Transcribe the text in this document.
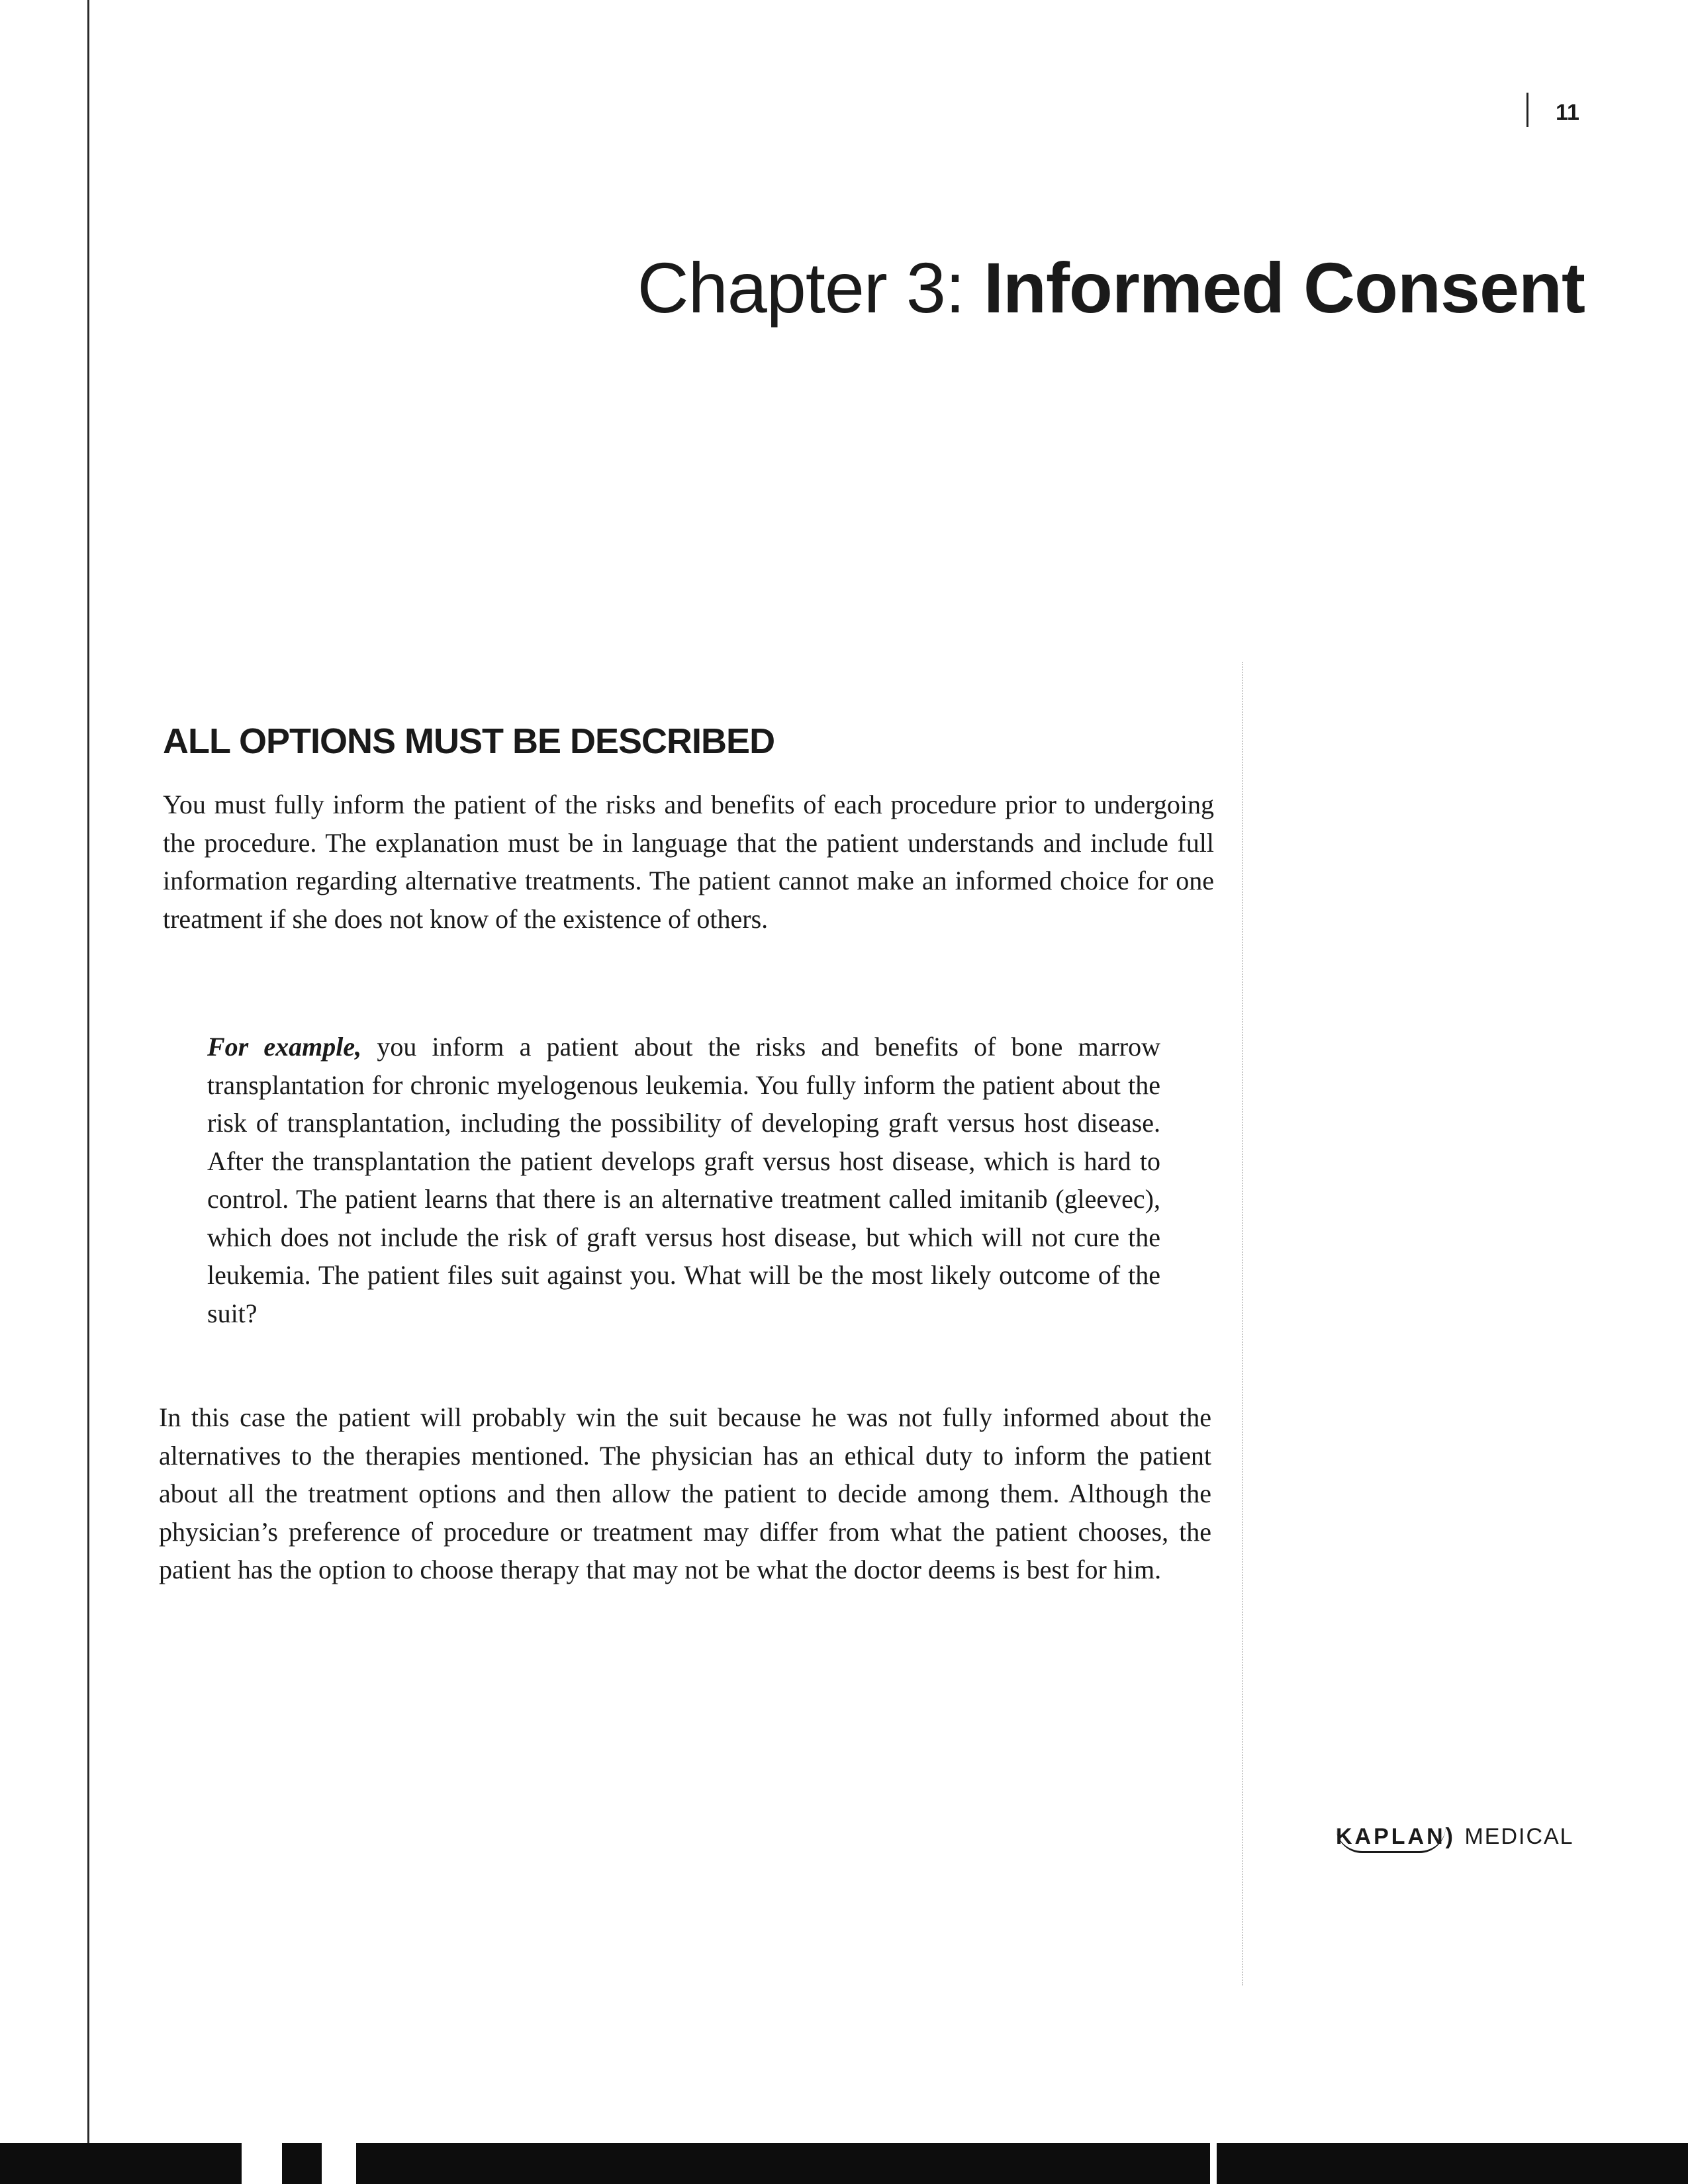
11
Chapter 3: Informed Consent
ALL OPTIONS MUST BE DESCRIBED

You must fully inform the patient of the risks and benefits of each procedure prior to undergoing the procedure. The explanation must be in language that the patient understands and include full information regarding alternative treatments. The patient cannot make an informed choice for one treatment if she does not know of the existence of others.

For example, you inform a patient about the risks and benefits of bone marrow transplantation for chronic myelogenous leukemia. You fully inform the patient about the risk of transplantation, including the possibility of developing graft versus host disease. After the transplantation the patient develops graft versus host disease, which is hard to control. The patient learns that there is an alternative treatment called imitanib (gleevec), which does not include the risk of graft versus host disease, but which will not cure the leukemia. The patient files suit against you. What will be the most likely outcome of the suit?

In this case the patient will probably win the suit because he was not fully informed about the alternatives to the therapies mentioned. The physician has an ethical duty to inform the patient about all the treatment options and then allow the patient to decide among them. Although the physician’s preference of procedure or treatment may differ from what the patient chooses, the patient has the option to choose therapy that may not be what the doctor deems is best for him.

KAPLAN) MEDICAL
